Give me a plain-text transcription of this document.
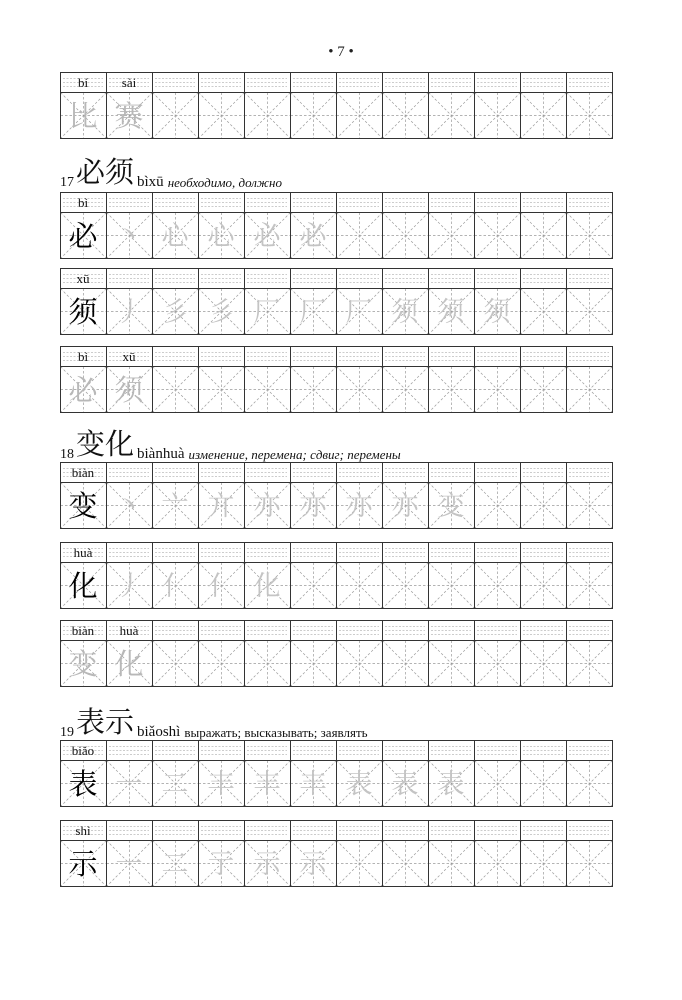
• 7 •
bí	sài
比 赛
bì
必 丶 心 心 必 必
xū
须 丿 彡 彡 厂 厂 厂 须 须 须
bì	xū
必 须
biàn
变 丶 亠 亣 亦 亦 亦 亦 变
huà
化 丿 亻 亻 化
biàn huà
变 化
biǎo
表 一 二 丰 丰 丰 表 表 表
shì
示 一 二 亍 示 示
17必须 bìxū необходимо, должно
18变化 biànhuà изменение, перемена; сдвиг; перемены
19表示 biǎoshì выражать; высказывать; заявлять
